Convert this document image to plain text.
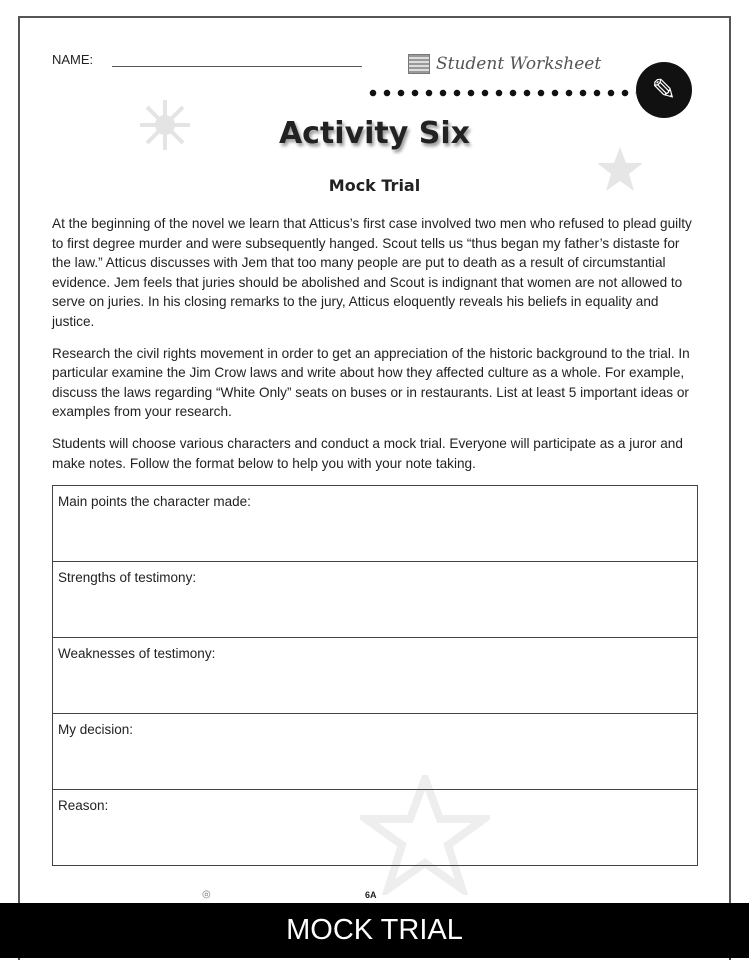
NAME:	Student Worksheet
✎
Activity Six
Mock Trial

At the beginning of the novel we learn that Atticus’s first case involved two men who refused to plead guilty to first degree murder and were subsequently hanged. Scout tells us “thus began my father’s distaste for the law.” Atticus discusses with Jem that too many people are put to death as a result of circumstantial evidence. Jem feels that juries should be abolished and Scout is indignant that women are not allowed to serve on juries. In his closing remarks to the jury, Atticus eloquently reveals his beliefs in equality and justice.

Research the civil rights movement in order to get an appreciation of the historic background to the trial. In particular examine the Jim Crow laws and write about how they affected culture as a whole. For example, discuss the laws regarding “White Only” seats on buses or in restaurants. List at least 5 important ideas or examples from your research.

Students will choose various characters and conduct a mock trial. Everyone will participate as a juror and make notes. Follow the format below to help you with your note taking.

Main points the character made:
Strengths of testimony:
Weaknesses of testimony:
My decision:
Reason:
◎	6A
MOCK TRIAL
